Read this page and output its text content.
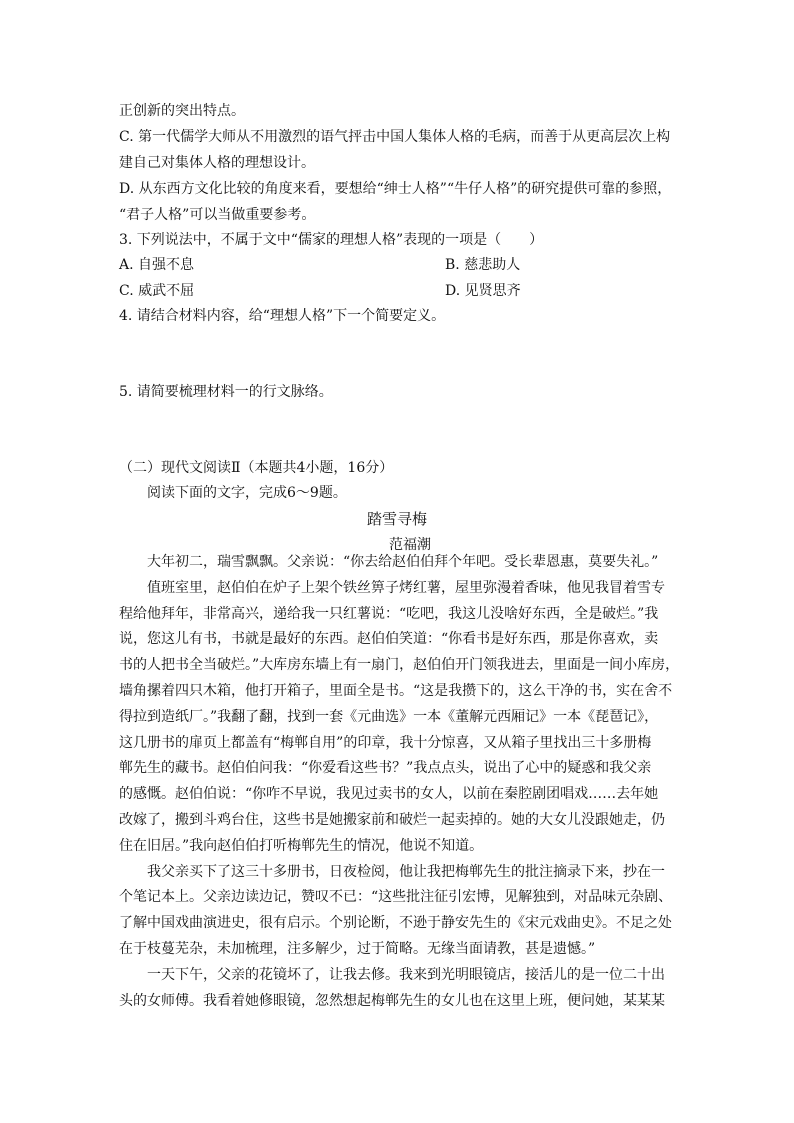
正创新的突出特点。
C. 第一代儒学大师从不用激烈的语气抨击中国人集体人格的毛病，而善于从更高层次上构
建自己对集体人格的理想设计。
D. 从东西方文化比较的角度来看，要想给“绅士人格”“牛仔人格”的研究提供可靠的参照，
“君子人格”可以当做重要参考。
3. 下列说法中，不属于文中“儒家的理想人格”表现的一项是（　　）
A. 自强不息	B. 慈悲助人
C. 威武不屈	D. 见贤思齐
4. 请结合材料内容，给“理想人格”下一个简要定义。
5. 请简要梳理材料一的行文脉络。
（二）现代文阅读Ⅱ（本题共4小题，16分）
阅读下面的文字，完成6～9题。
踏雪寻梅
范福潮
大年初二，瑞雪飘飘。父亲说：“你去给赵伯伯拜个年吧。受长辈恩惠，莫要失礼。”
值班室里，赵伯伯在炉子上架个铁丝箅子烤红薯，屋里弥漫着香味，他见我冒着雪专
程给他拜年，非常高兴，递给我一只红薯说：“吃吧，我这儿没啥好东西，全是破烂。”我
说，您这儿有书，书就是最好的东西。赵伯伯笑道：“你看书是好东西，那是你喜欢，卖
书的人把书全当破烂。”大库房东墙上有一扇门，赵伯伯开门领我进去，里面是一间小库房，
墙角摞着四只木箱，他打开箱子，里面全是书。“这是我攒下的，这么干净的书，实在舍不
得拉到造纸厂。”我翻了翻，找到一套《元曲选》一本《董解元西厢记》一本《琵琶记》，
这几册书的扉页上都盖有“梅郸自用”的印章，我十分惊喜，又从箱子里找出三十多册梅
郸先生的藏书。赵伯伯问我：“你爱看这些书？”我点点头，说出了心中的疑惑和我父亲
的感慨。赵伯伯说：“你咋不早说，我见过卖书的女人，以前在秦腔剧团唱戏……去年她
改嫁了，搬到斗鸡台住，这些书是她搬家前和破烂一起卖掉的。她的大女儿没跟她走，仍
住在旧居。”我向赵伯伯打听梅郸先生的情况，他说不知道。
我父亲买下了这三十多册书，日夜检阅，他让我把梅郸先生的批注摘录下来，抄在一
个笔记本上。父亲边读边记，赞叹不已：“这些批注征引宏博，见解独到，对品味元杂剧、
了解中国戏曲演进史，很有启示。个别论断，不逊于静安先生的《宋元戏曲史》。不足之处
在于枝蔓芜杂，未加梳理，注多解少，过于简略。无缘当面请教，甚是遗憾。”
一天下午，父亲的花镜坏了，让我去修。我来到光明眼镜店，接活儿的是一位二十出
头的女师傅。我看着她修眼镜，忽然想起梅郸先生的女儿也在这里上班，便问她，某某某
